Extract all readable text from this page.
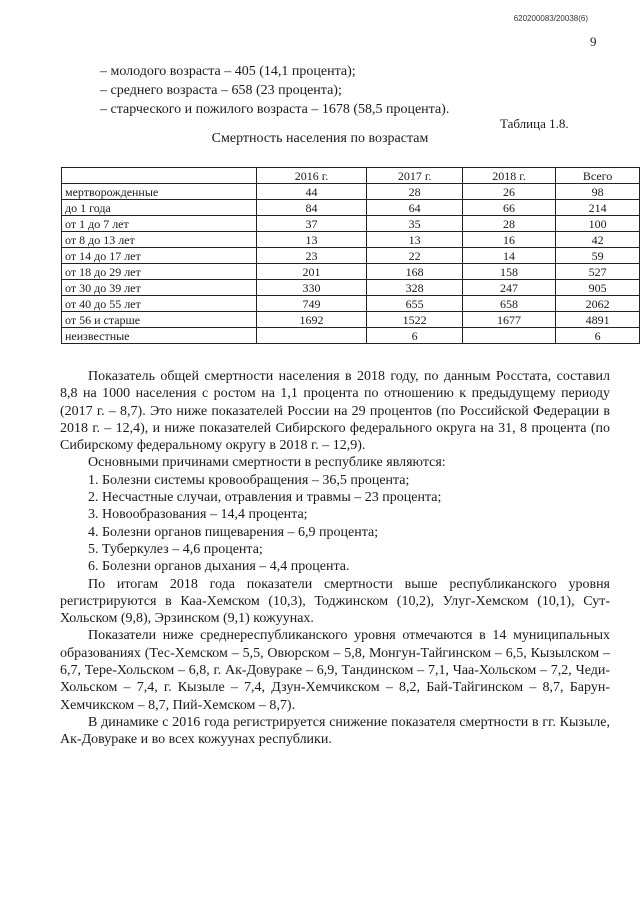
620200083/20038(6)
9
– молодого возраста – 405 (14,1 процента);
– среднего возраста – 658 (23 процента);
– старческого и пожилого возраста – 1678 (58,5 процента).
Таблица 1.8.
Смертность населения по возрастам
	2016 г.	2017 г.	2018 г.	Всего
мертворожденные	44	28	26	98
до 1 года	84	64	66	214
от 1 до 7 лет	37	35	28	100
от 8 до 13 лет	13	13	16	42
от 14 до 17 лет	23	22	14	59
от 18 до 29 лет	201	168	158	527
от 30 до 39 лет	330	328	247	905
от 40 до 55 лет	749	655	658	2062
от 56 и старше	1692	1522	1677	4891
неизвестные		6		6

Показатель общей смертности населения в 2018 году, по данным Росстата, составил 8,8 на 1000 населения с ростом на 1,1 процента по отношению к предыдущему периоду (2017 г. – 8,7). Это ниже показателей России на 29 процентов (по Российской Федерации в 2018 г. – 12,4), и ниже показателей Сибирского федерального округа на 31, 8 процента (по Сибирскому федеральному округу в 2018 г. – 12,9).

Основными причинами смертности в республике являются:

1. Болезни системы кровообращения – 36,5 процента;

2. Несчастные случаи, отравления и травмы – 23 процента;

3. Новообразования – 14,4 процента;

4. Болезни органов пищеварения – 6,9 процента;

5. Туберкулез – 4,6 процента;

6. Болезни органов дыхания – 4,4 процента.

По итогам 2018 года показатели смертности выше республиканского уровня регистрируются в Каа-Хемском (10,3), Тоджинском (10,2), Улуг-Хемском (10,1), Сут-Хольском (9,8), Эрзинском (9,1) кожуунах.

Показатели ниже среднереспубликанского уровня отмечаются в 14 муниципальных образованиях (Тес-Хемском – 5,5, Овюрском – 5,8, Монгун-Тайгинском – 6,5, Кызылском – 6,7, Тере-Хольском – 6,8, г. Ак-Довураке – 6,9, Тандинском – 7,1, Чаа-Хольском – 7,2, Чеди-Хольском – 7,4, г. Кызыле – 7,4, Дзун-Хемчикском – 8,2, Бай-Тайгинском – 8,7, Барун-Хемчикском – 8,7, Пий-Хемском – 8,7).

В динамике с 2016 года регистрируется снижение показателя смертности в гг. Кызыле, Ак-Довураке и во всех кожуунах республики.
